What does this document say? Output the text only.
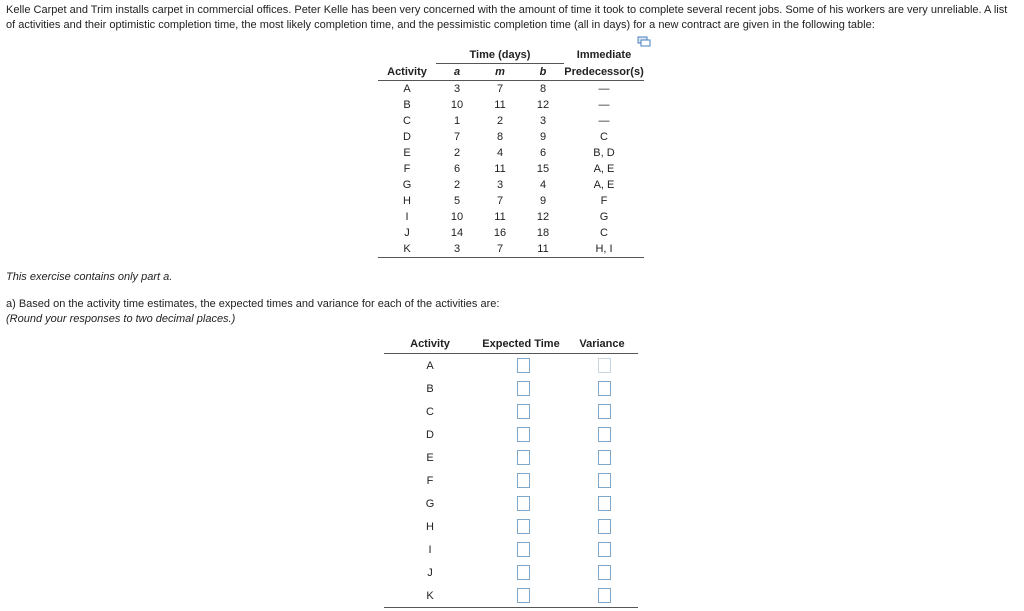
Kelle Carpet and Trim installs carpet in commercial offices. Peter Kelle has been very concerned with the amount of time it took to complete several recent jobs. Some of his workers are very unreliable. A list of activities and their optimistic completion time, the most likely completion time, and the pessimistic completion time (all in days) for a new contract are given in the following table:
Activity	Time (days)			Immediate
	a	m	b	Predecessor(s)
A	3	7	8	—
B	10	11	12	—
C	1	2	3	—
D	7	8	9	C
E	2	4	6	B, D
F	6	11	15	A, E
G	2	3	4	A, E
H	5	7	9	F
I	10	11	12	G
J	14	16	18	C
K	3	7	11	H, I
This exercise contains only part a.
a) Based on the activity time estimates, the expected times and variance for each of the activities are:
(Round your responses to two decimal places.)
Activity	Expected Time	Variance
A		
B		
C		
D		
E		
F		
G		
H		
I		
J		
K		
